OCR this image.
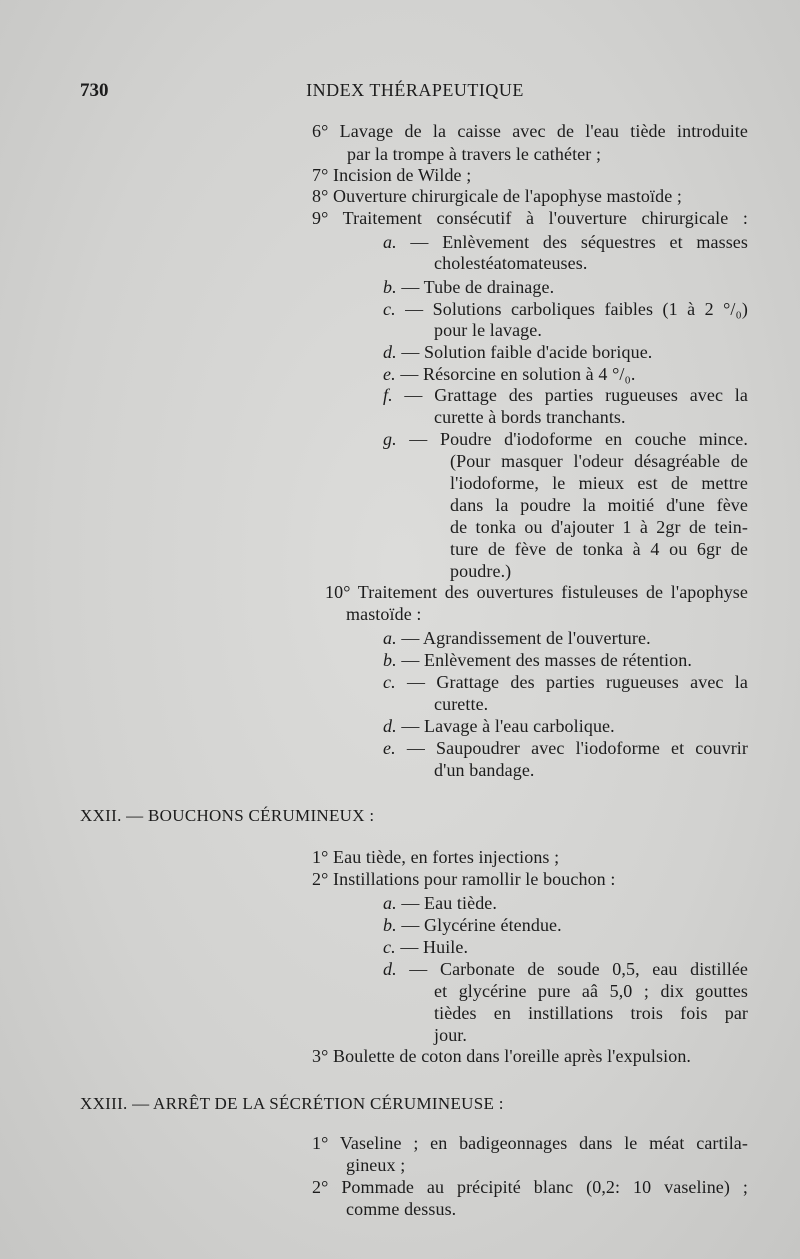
730	INDEX THÉRAPEUTIQUE
6° Lavage de la caisse avec de l'eau tiède introduite
par la trompe à travers le cathéter ;
7° Incision de Wilde ;
8° Ouverture chirurgicale de l'apophyse mastoïde ;
9° Traitement consécutif à l'ouverture chirurgicale :
a. — Enlèvement des séquestres et masses
cholestéatomateuses.
b. — Tube de drainage.
c. — Solutions carboliques faibles (1 à 2 °/₀)
pour le lavage.
d. — Solution faible d'acide borique.
e. — Résorcine en solution à 4 °/₀.
f. — Grattage des parties rugueuses avec la
curette à bords tranchants.
g. — Poudre d'iodoforme en couche mince.
(Pour masquer l'odeur désagréable de
l'iodoforme, le mieux est de mettre
dans la poudre la moitié d'une fève
de tonka ou d'ajouter 1 à 2gr de tein-
ture de fève de tonka à 4 ou 6gr de
poudre.)
10° Traitement des ouvertures fistuleuses de l'apophyse
mastoïde :
a. — Agrandissement de l'ouverture.
b. — Enlèvement des masses de rétention.
c. — Grattage des parties rugueuses avec la
curette.
d. — Lavage à l'eau carbolique.
e. — Saupoudrer avec l'iodoforme et couvrir
d'un bandage.
XXII. — BOUCHONS CÉRUMINEUX :
1° Eau tiède, en fortes injections ;
2° Instillations pour ramollir le bouchon :
a. — Eau tiède.
b. — Glycérine étendue.
c. — Huile.
d. — Carbonate de soude 0,5, eau distillée
et glycérine pure aâ 5,0 ; dix gouttes
tièdes en instillations trois fois par
jour.
3° Boulette de coton dans l'oreille après l'expulsion.
XXIII. — ARRÊT DE LA SÉCRÉTION CÉRUMINEUSE :
1° Vaseline ; en badigeonnages dans le méat cartila-
gineux ;
2° Pommade au précipité blanc (0,2: 10 vaseline) ;
comme dessus.
